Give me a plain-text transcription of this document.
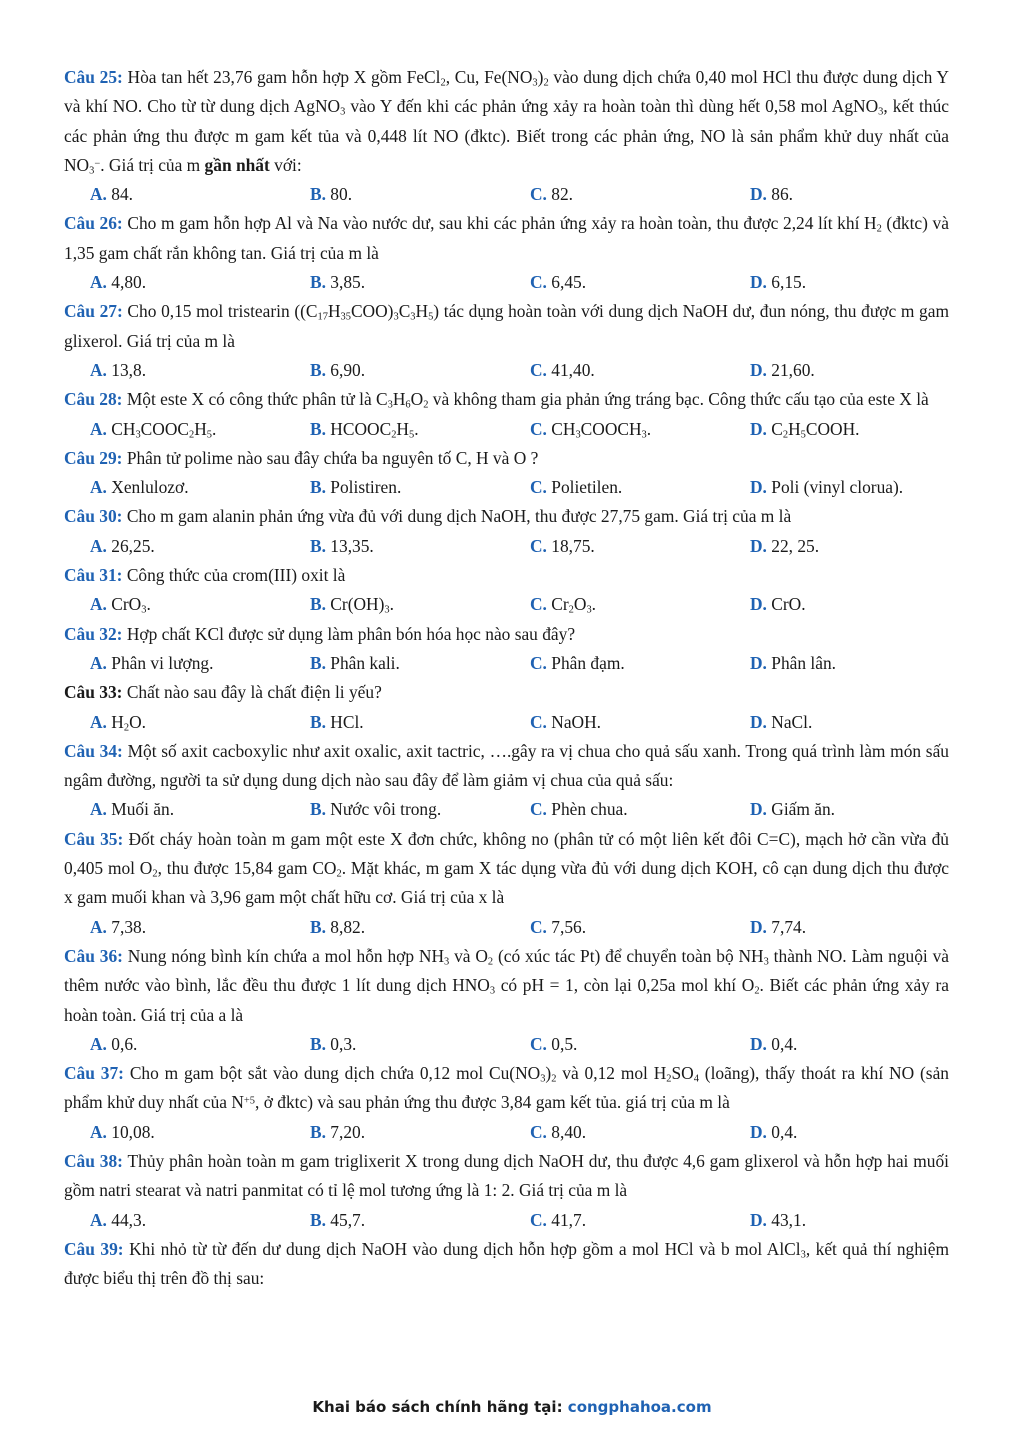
Câu 25: Hòa tan hết 23,76 gam hỗn hợp X gồm FeCl$_2$, Cu, $Fe(NO_3)_2$ vào dung dịch chứa 0,40 mol HCl thu được dung dịch Y và khí NO. Cho từ từ dung dịch AgNO$_3$ vào Y đến khi các phản ứng xảy ra hoàn toàn thì dùng hết 0,58 mol AgNO$_3$, kết thúc các phản ứng thu được m gam kết tủa và 0,448 lít NO (đktc). Biết trong các phản ứng, NO là sản phẩm khử duy nhất của $NO_3^-$. Giá trị của m gần nhất với:

A. 84.	B. 80.	C. 82.	D. 86.

Câu 26: Cho m gam hỗn hợp Al và Na vào nước dư, sau khi các phản ứng xảy ra hoàn toàn, thu được 2,24 lít khí $H_2$ (đktc) và 1,35 gam chất rắn không tan. Giá trị của m là

A. 4,80.	B. 3,85.	C. 6,45.	D. 6,15.

Câu 27: Cho 0,15 mol tristearin $((C_{17}H_{35}COO)_3C_3H_5)$ tác dụng hoàn toàn với dung dịch NaOH dư, đun nóng, thu được m gam glixerol. Giá trị của m là

A. 13,8.	B. 6,90.	C. 41,40.	D. 21,60.

Câu 28: Một este X có công thức phân tử là $C_3H_6O_2$ và không tham gia phản ứng tráng bạc. Công thức cấu tạo của este X là

A. $CH_3COOC_2H_5$.	B. $HCOOC_2H_5$.	C. $CH_3COOCH_3$.	D. $C_2H_5COOH$.

Câu 29: Phân tử polime nào sau đây chứa ba nguyên tố C, H và O ?

A. Xenlulozơ.	B. Polistiren.	C. Polietilen.	D. Poli (vinyl clorua).

Câu 30: Cho m gam alanin phản ứng vừa đủ với dung dịch NaOH, thu được 27,75 gam. Giá trị của m là

A. 26,25.	B. 13,35.	C. 18,75.	D. 22, 25.

Câu 31: Công thức của crom(III) oxit là

A. CrO$_3$.	B. $Cr(OH)_3$.	C. $Cr_2O_3$.	D. CrO.

Câu 32: Hợp chất KCl được sử dụng làm phân bón hóa học nào sau đây?

A. Phân vi lượng.	B. Phân kali.	C. Phân đạm.	D. Phân lân.

Câu 33: Chất nào sau đây là chất điện li yếu?

A. $H_2O$.	B. HCl.	C. NaOH.	D. NaCl.

Câu 34: Một số axit cacboxylic như axit oxalic, axit tactric, ….gây ra vị chua cho quả sấu xanh. Trong quá trình làm món sấu ngâm đường, người ta sử dụng dung dịch nào sau đây để làm giảm vị chua của quả sấu:

A. Muối ăn.	B. Nước vôi trong.	C. Phèn chua.	D. Giấm ăn.

Câu 35: Đốt cháy hoàn toàn m gam một este X đơn chức, không no (phân tử có một liên kết đôi C=C), mạch hở cần vừa đủ 0,405 mol $O_2$, thu được 15,84 gam $CO_2$. Mặt khác, m gam X tác dụng vừa đủ với dung dịch KOH, cô cạn dung dịch thu được x gam muối khan và 3,96 gam một chất hữu cơ. Giá trị của x là

A. 7,38.	B. 8,82.	C. 7,56.	D. 7,74.

Câu 36: Nung nóng bình kín chứa a mol hỗn hợp $NH_3$ và $O_2$ (có xúc tác Pt) để chuyển toàn bộ $NH_3$ thành NO. Làm nguội và thêm nước vào bình, lắc đều thu được 1 lít dung dịch $HNO_3$ có pH = 1, còn lại 0,25a mol khí $O_2$. Biết các phản ứng xảy ra hoàn toàn. Giá trị của a là

A. 0,6.	B. 0,3.	C. 0,5.	D. 0,4.

Câu 37: Cho m gam bột sắt vào dung dịch chứa 0,12 mol $Cu(NO_3)_2$ và 0,12 mol $H_2SO_4$ (loãng), thấy thoát ra khí NO (sản phẩm khử duy nhất của $N^{+5}$, ở đktc) và sau phản ứng thu được 3,84 gam kết tủa. giá trị của m là

A. 10,08.	B. 7,20.	C. 8,40.	D. 0,4.

Câu 38: Thủy phân hoàn toàn m gam triglixerit X trong dung dịch NaOH dư, thu được 4,6 gam glixerol và hỗn hợp hai muối gồm natri stearat và natri panmitat có tỉ lệ mol tương ứng là 1: 2. Giá trị của m là

A. 44,3.	B. 45,7.	C. 41,7.	D. 43,1.

Câu 39: Khi nhỏ từ từ đến dư dung dịch NaOH vào dung dịch hỗn hợp gồm a mol HCl và b mol AlCl$_3$, kết quả thí nghiệm được biểu thị trên đồ thị sau:

Khai báo sách chính hãng tại: congphahoa.com
